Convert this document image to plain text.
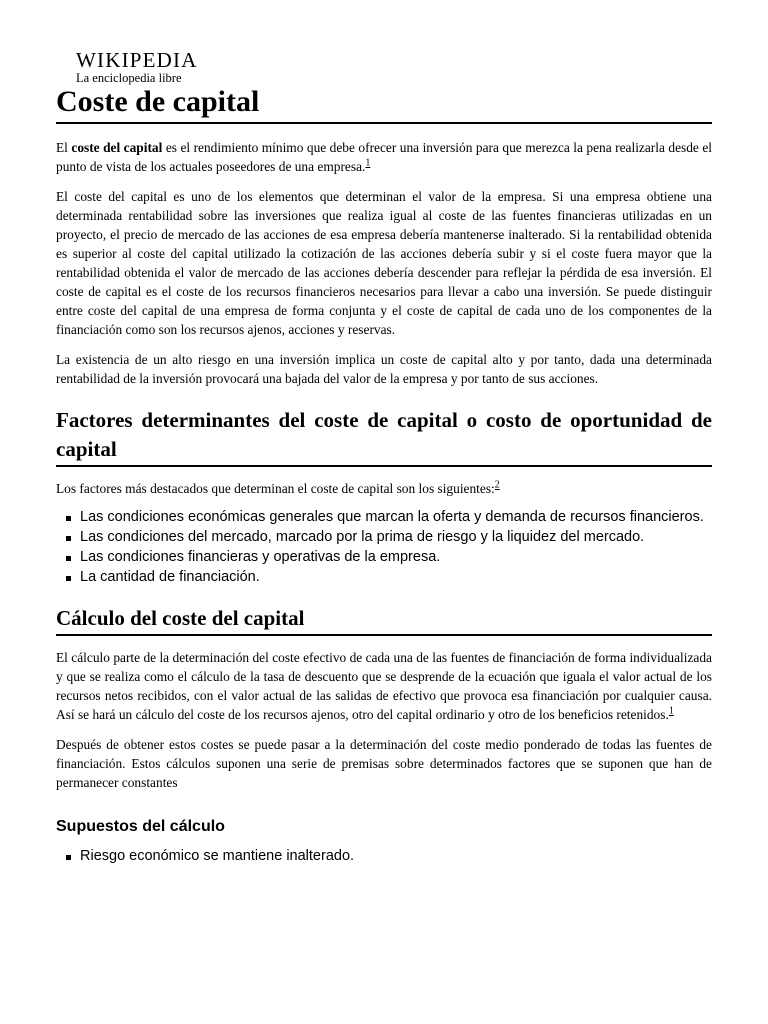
WIKIPEDIA
La enciclopedia libre
Coste de capital

El coste del capital es el rendimiento mínimo que debe ofrecer una inversión para que merezca la pena realizarla desde el punto de vista de los actuales poseedores de una empresa.$^1$

El coste del capital es uno de los elementos que determinan el valor de la empresa. Si una empresa obtiene una determinada rentabilidad sobre las inversiones que realiza igual al coste de las fuentes financieras utilizadas en un proyecto, el precio de mercado de las acciones de esa empresa debería mantenerse inalterado. Si la rentabilidad obtenida es superior al coste del capital utilizado la cotización de las acciones debería subir y si el coste fuera mayor que la rentabilidad obtenida el valor de mercado de las acciones debería descender para reflejar la pérdida de esa inversión. El coste de capital es el coste de los recursos financieros necesarios para llevar a cabo una inversión. Se puede distinguir entre coste del capital de una empresa de forma conjunta y el coste de capital de cada uno de los componentes de la financiación como son los recursos ajenos, acciones y reservas.

La existencia de un alto riesgo en una inversión implica un coste de capital alto y por tanto, dada una determinada rentabilidad de la inversión provocará una bajada del valor de la empresa y por tanto de sus acciones.

Factores determinantes del coste de capital o costo de oportunidad de capital

Los factores más destacados que determinan el coste de capital son los siguientes:$^2$

Las condiciones económicas generales que marcan la oferta y demanda de recursos financieros.
Las condiciones del mercado, marcado por la prima de riesgo y la liquidez del mercado.
Las condiciones financieras y operativas de la empresa.
La cantidad de financiación.
Cálculo del coste del capital

El cálculo parte de la determinación del coste efectivo de cada una de las fuentes de financiación de forma individualizada y que se realiza como el cálculo de la tasa de descuento que se desprende de la ecuación que iguala el valor actual de los recursos netos recibidos, con el valor actual de las salidas de efectivo que provoca esa financiación por cualquier causa. Así se hará un cálculo del coste de los recursos ajenos, otro del capital ordinario y otro de los beneficios retenidos.$^1$

Después de obtener estos costes se puede pasar a la determinación del coste medio ponderado de todas las fuentes de financiación. Estos cálculos suponen una serie de premisas sobre determinados factores que se suponen que han de permanecer constantes

Supuestos del cálculo
Riesgo económico se mantiene inalterado.
